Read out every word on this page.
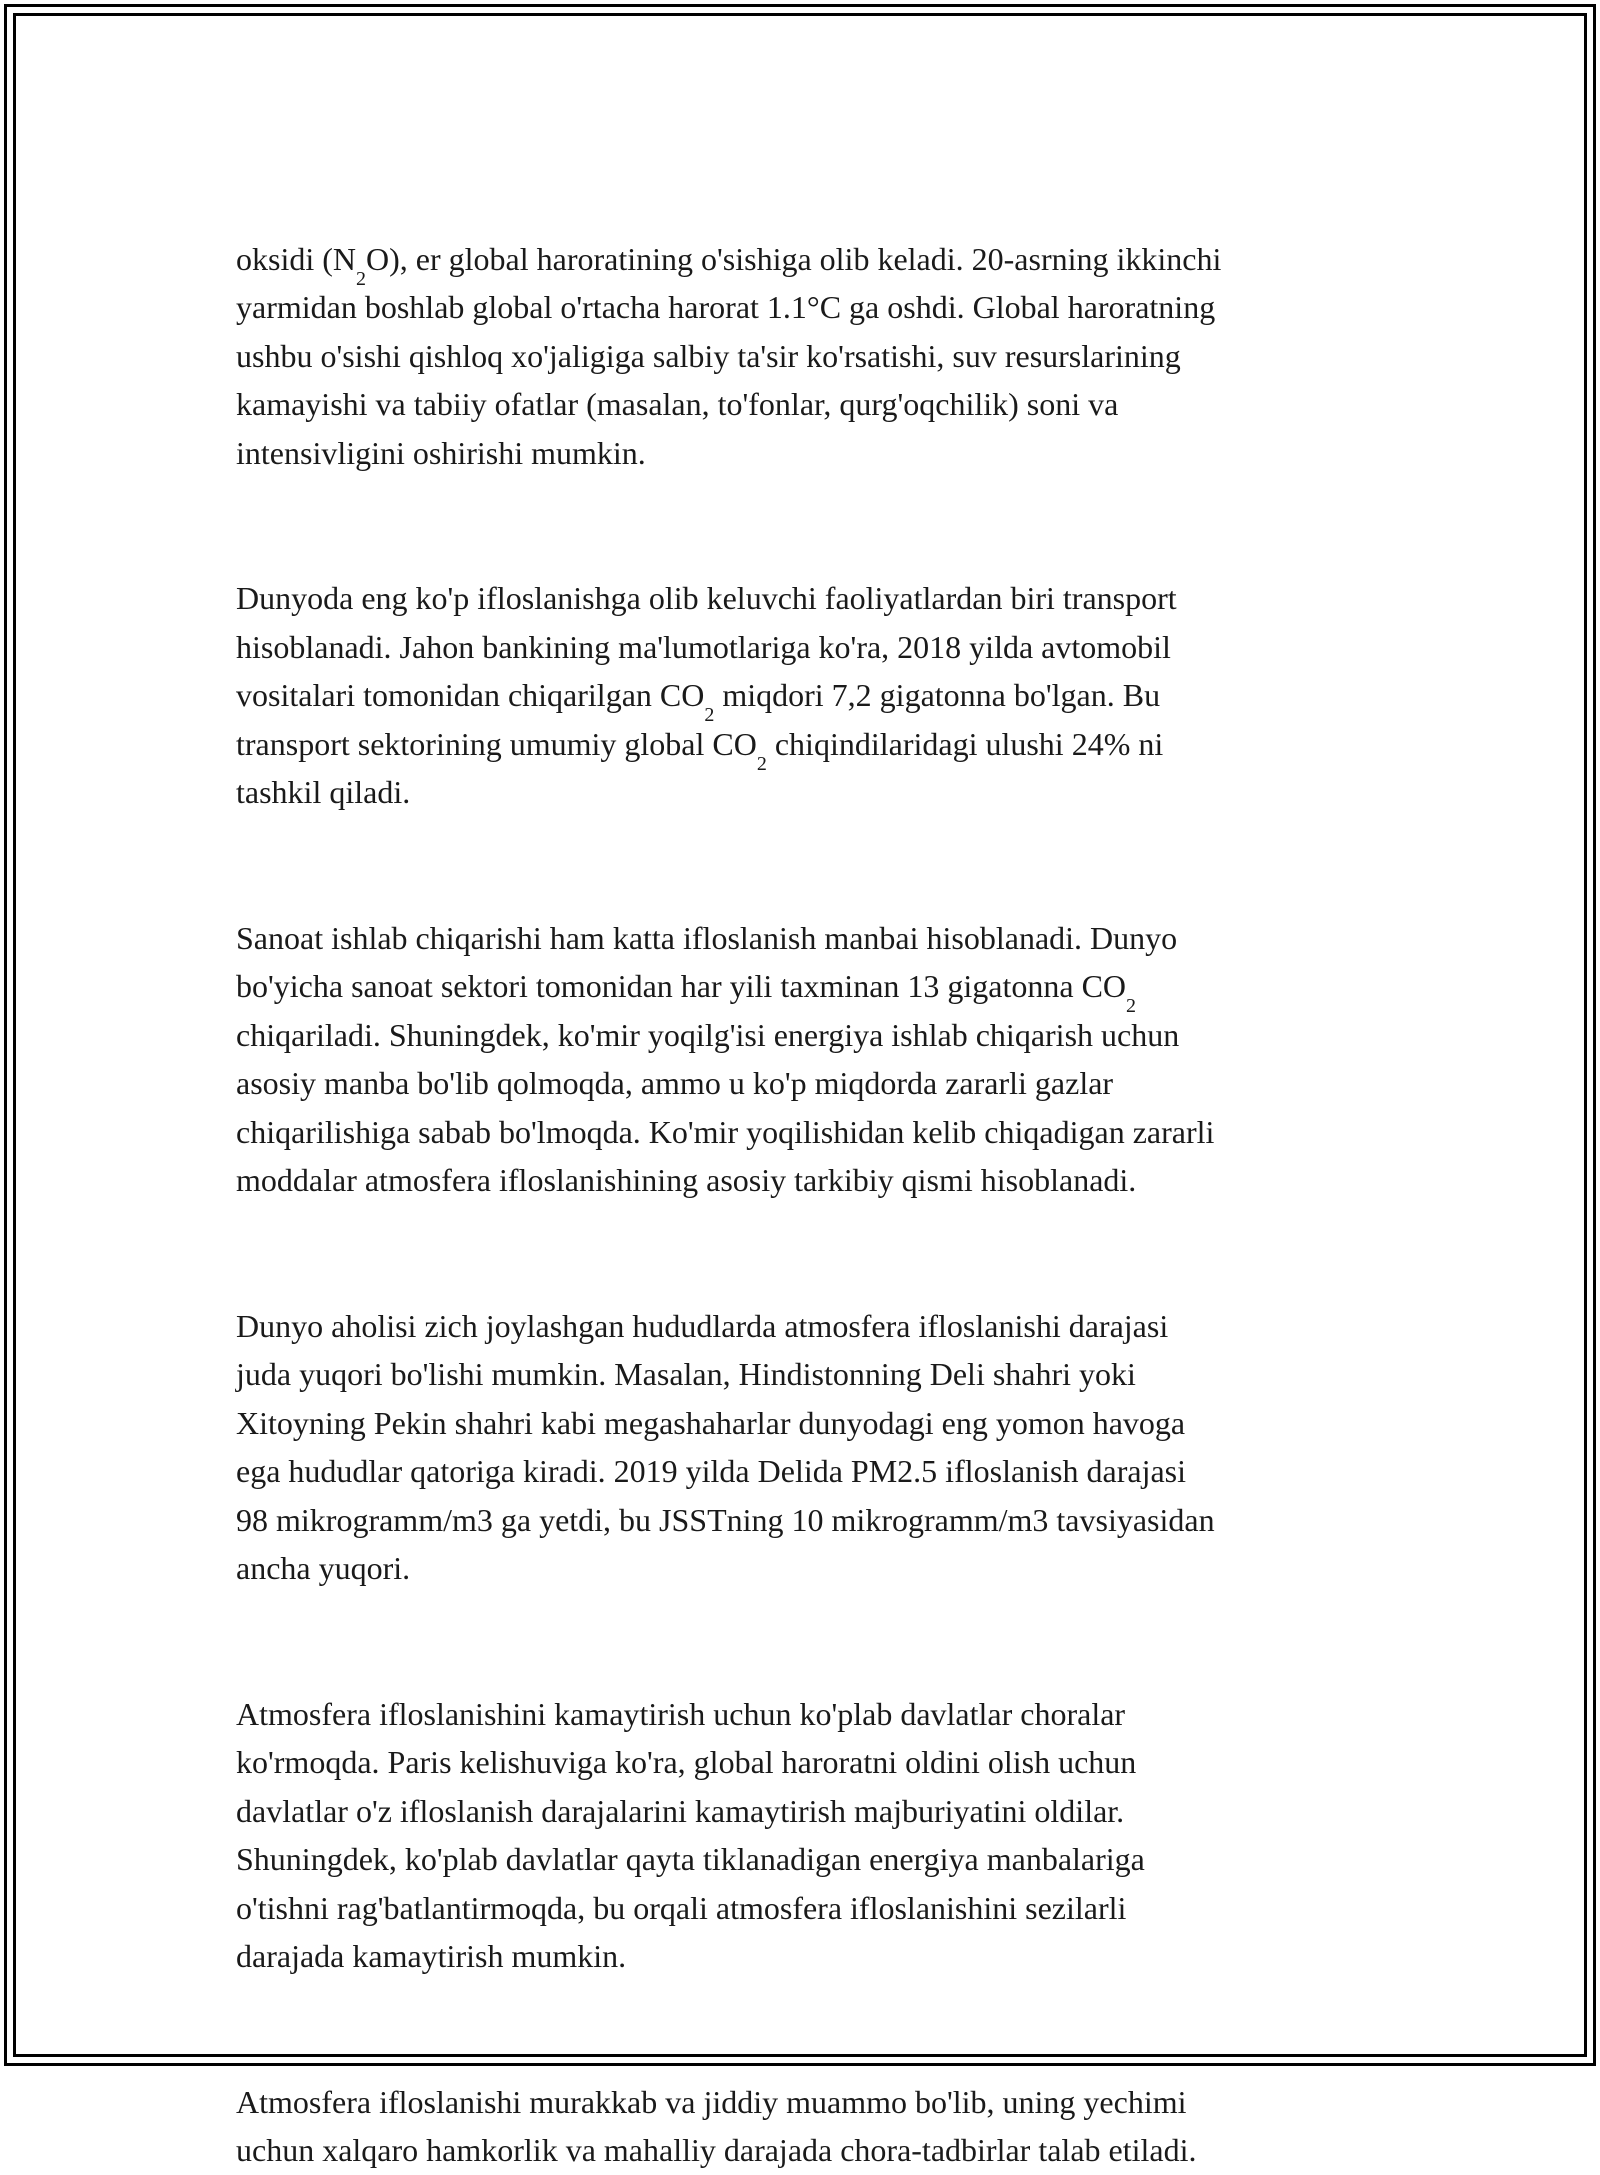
oksidi $(N_2O)$, er global haroratining o'sishiga olib keladi. 20-asrning ikkinchi
yarmidan boshlab global o'rtacha harorat 1.1°C ga oshdi. Global haroratning
ushbu o'sishi qishloq xo'jaligiga salbiy ta'sir ko'rsatishi, suv resurslarining
kamayishi va tabiiy ofatlar (masalan, to'fonlar, qurg'oqchilik) soni va
intensivligini oshirishi mumkin.

Dunyoda eng ko'p ifloslanishga olib keluvchi faoliyatlardan biri transport
hisoblanadi. Jahon bankining ma'lumotlariga ko'ra, 2018 yilda avtomobil
vositalari tomonidan chiqarilgan $CO_2$ miqdori 7,2 gigatonna bo'lgan. Bu
transport sektorining umumiy global $CO_2$ chiqindilaridagi ulushi 24% ni
tashkil qiladi.

Sanoat ishlab chiqarishi ham katta ifloslanish manbai hisoblanadi. Dunyo
bo'yicha sanoat sektori tomonidan har yili taxminan 13 gigatonna $CO_2$
chiqariladi. Shuningdek, ko'mir yoqilg'isi energiya ishlab chiqarish uchun
asosiy manba bo'lib qolmoqda, ammo u ko'p miqdorda zararli gazlar
chiqarilishiga sabab bo'lmoqda. Ko'mir yoqilishidan kelib chiqadigan zararli
moddalar atmosfera ifloslanishining asosiy tarkibiy qismi hisoblanadi.

Dunyo aholisi zich joylashgan hududlarda atmosfera ifloslanishi darajasi
juda yuqori bo'lishi mumkin. Masalan, Hindistonning Deli shahri yoki
Xitoyning Pekin shahri kabi megashaharlar dunyodagi eng yomon havoga
ega hududlar qatoriga kiradi. 2019 yilda Delida PM2.5 ifloslanish darajasi
98 mikrogramm/m3 ga yetdi, bu JSSTning 10 mikrogramm/m3 tavsiyasidan
ancha yuqori.

Atmosfera ifloslanishini kamaytirish uchun ko'plab davlatlar choralar
ko'rmoqda. Paris kelishuviga ko'ra, global haroratni oldini olish uchun
davlatlar o'z ifloslanish darajalarini kamaytirish majburiyatini oldilar.
Shuningdek, ko'plab davlatlar qayta tiklanadigan energiya manbalariga
o'tishni rag'batlantirmoqda, bu orqali atmosfera ifloslanishini sezilarli
darajada kamaytirish mumkin.

Atmosfera ifloslanishi murakkab va jiddiy muammo bo'lib, uning yechimi
uchun xalqaro hamkorlik va mahalliy darajada chora-tadbirlar talab etiladi.
